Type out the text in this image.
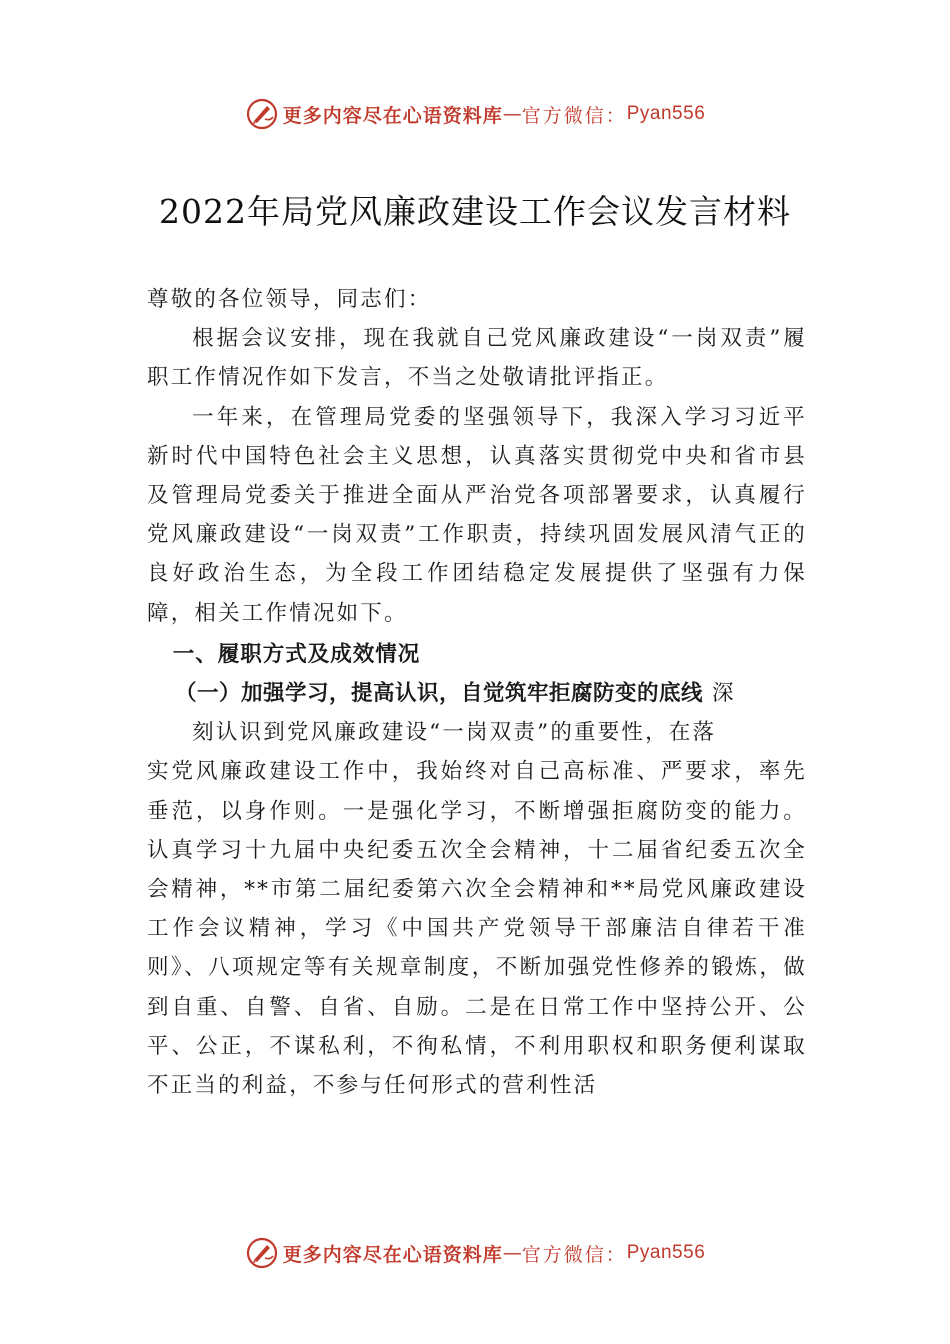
更多内容尽在心语资料库 — 官方微信： Pyan556
2022年局党风廉政建设工作会议发言材料

尊敬的各位领导，同志们：

根据会议安排，现在我就自己党风廉政建设“一岗双责”履职工作情况作如下发言，不当之处敬请批评指正。

一年来，在管理局党委的坚强领导下，我深入学习习近平新时代中国特色社会主义思想，认真落实贯彻党中央和省市县及管理局党委关于推进全面从严治党各项部署要求，认真履行党风廉政建设“一岗双责”工作职责，持续巩固发展风清气正的良好政治生态，为全段工作团结稳定发展提供了坚强有力保障，相关工作情况如下。

一、履职方式及成效情况

（一）加强学习，提高认识，自觉筑牢拒腐防变的底线 深

刻认识到党风廉政建设“一岗双责”的重要性，在落

实党风廉政建设工作中，我始终对自己高标准、严要求，率先垂范，以身作则。一是强化学习，不断增强拒腐防变的能力。认真学习十九届中央纪委五次全会精神，十二届省纪委五次全会精神，**市第二届纪委第六次全会精神和**局党风廉政建设工作会议精神，学习《中国共产党领导干部廉洁自律若干准则》、八项规定等有关规章制度，不断加强党性修养的锻炼，做到自重、自警、自省、自励。二是在日常工作中坚持公开、公平、公正，不谋私利，不徇私情，不利用职权和职务便利谋取不正当的利益，不参与任何形式的营利性活

更多内容尽在心语资料库 — 官方微信： Pyan556
